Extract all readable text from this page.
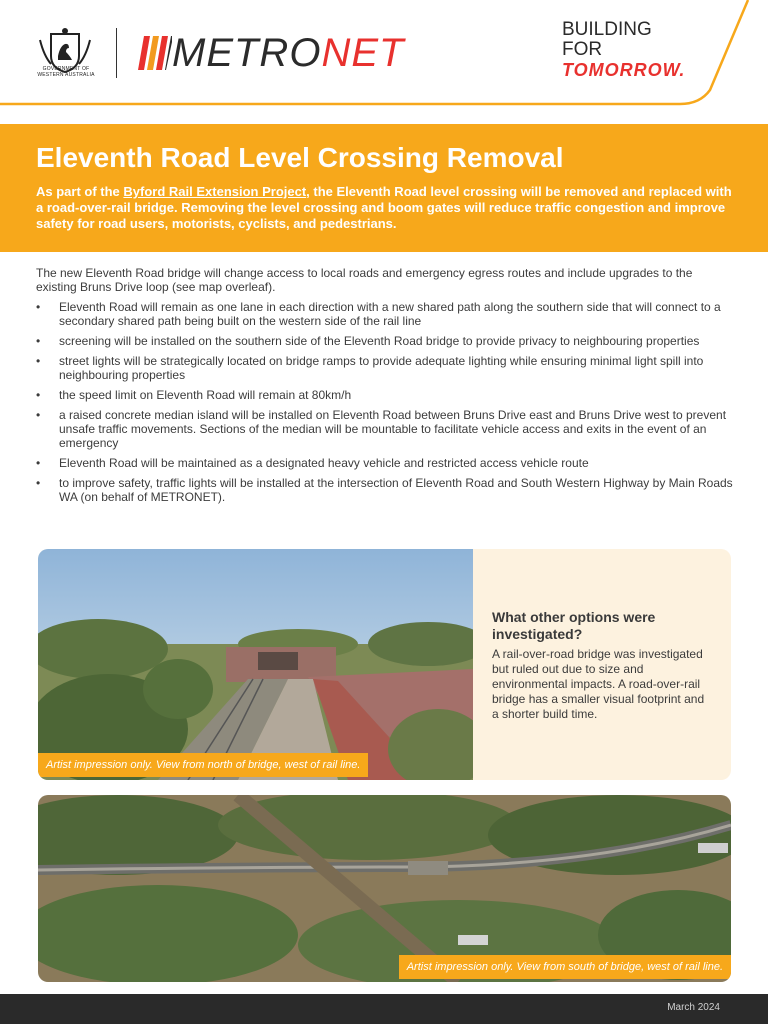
GOVERNMENT OF WESTERN AUSTRALIA METRONET
BUILDING
FOR
TOMORROW.
Eleventh Road Level Crossing Removal

As part of the Byford Rail Extension Project, the Eleventh Road level crossing will be removed and replaced with a road-over-rail bridge. Removing the level crossing and boom gates will reduce traffic congestion and improve safety for road users, motorists, cyclists, and pedestrians.

The new Eleventh Road bridge will change access to local roads and emergency egress routes and include upgrades to the existing Bruns Drive loop (see map overleaf).

• Eleventh Road will remain as one lane in each direction with a new shared path along the southern side that will connect to a secondary shared path being built on the western side of the rail line
• screening will be installed on the southern side of the Eleventh Road bridge to provide privacy to neighbouring properties
• street lights will be strategically located on bridge ramps to provide adequate lighting while ensuring minimal light spill into neighbouring properties
• the speed limit on Eleventh Road will remain at 80km/h
• a raised concrete median island will be installed on Eleventh Road between Bruns Drive east and Bruns Drive west to prevent unsafe traffic movements. Sections of the median will be mountable to facilitate vehicle access and exits in the event of an emergency
• Eleventh Road will be maintained as a designated heavy vehicle and restricted access vehicle route
• to improve safety, traffic lights will be installed at the intersection of Eleventh Road and South Western Highway by Main Roads WA (on behalf of METRONET).
Artist impression only. View from north of bridge, west of rail line.
What other options were investigated?

A rail-over-road bridge was investigated but ruled out due to size and environmental impacts. A road-over-rail bridge has a smaller visual footprint and a shorter build time.

Artist impression only. View from south of bridge, west of rail line.
March 2024
